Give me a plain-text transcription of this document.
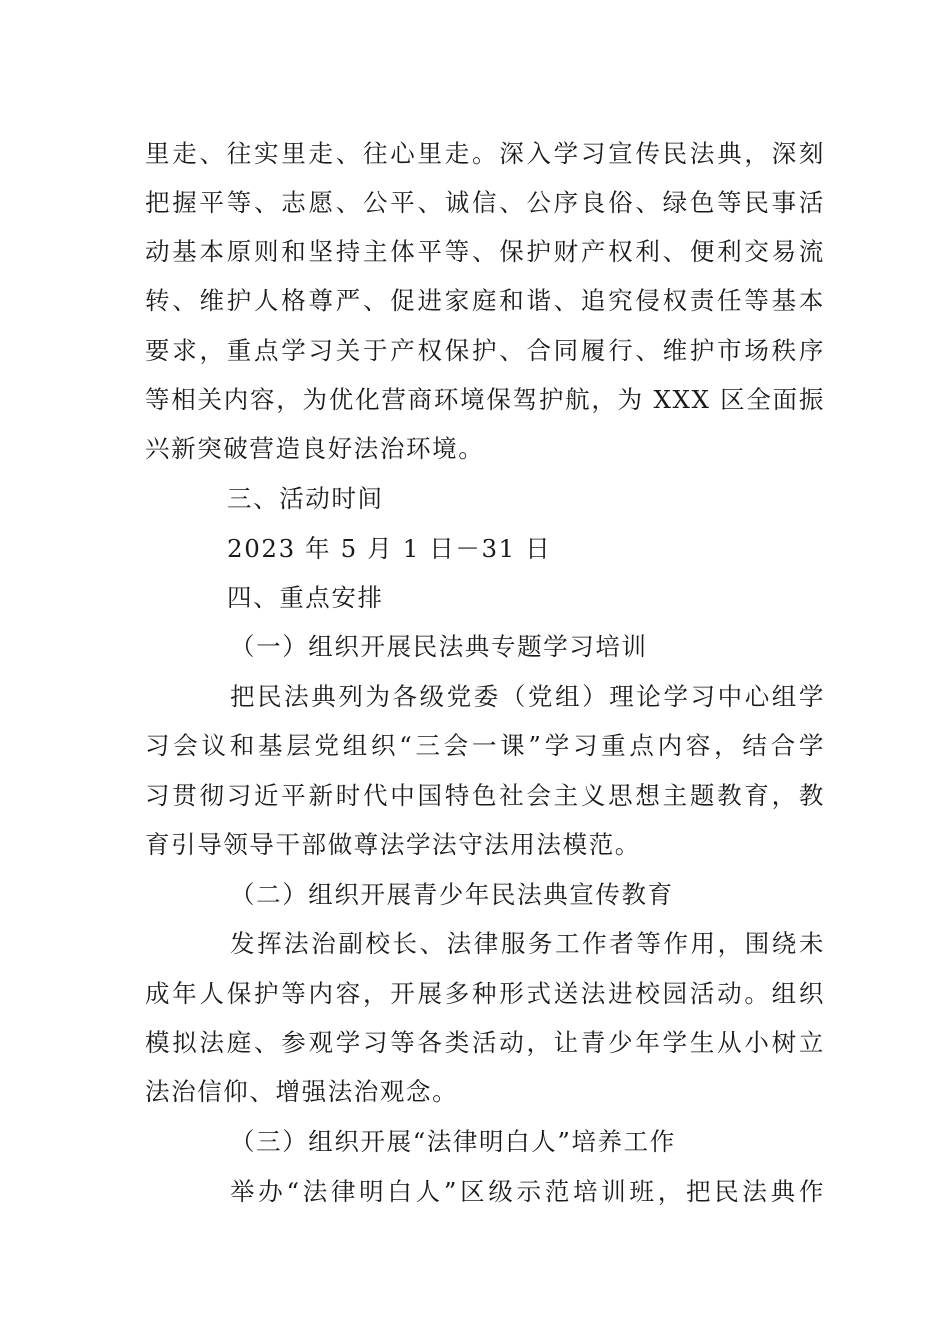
里走、往实里走、往心里走。深入学习宣传民法典，深刻
把握平等、志愿、公平、诚信、公序良俗、绿色等民事活
动基本原则和坚持主体平等、保护财产权利、便利交易流
转、维护人格尊严、促进家庭和谐、追究侵权责任等基本
要求，重点学习关于产权保护、合同履行、维护市场秩序
等相关内容，为优化营商环境保驾护航，为 XXX 区全面振
兴新突破营造良好法治环境。
三、活动时间
2023 年 5 月 1 日－31 日
四、重点安排
（一）组织开展民法典专题学习培训
把民法典列为各级党委（党组）理论学习中心组学
习会议和基层党组织“三会一课”学习重点内容，结合学
习贯彻习近平新时代中国特色社会主义思想主题教育，教
育引导领导干部做尊法学法守法用法模范。
（二）组织开展青少年民法典宣传教育
发挥法治副校长、法律服务工作者等作用，围绕未
成年人保护等内容，开展多种形式送法进校园活动。组织
模拟法庭、参观学习等各类活动，让青少年学生从小树立
法治信仰、增强法治观念。
（三）组织开展“法律明白人”培养工作
举办“法律明白人”区级示范培训班，把民法典作
